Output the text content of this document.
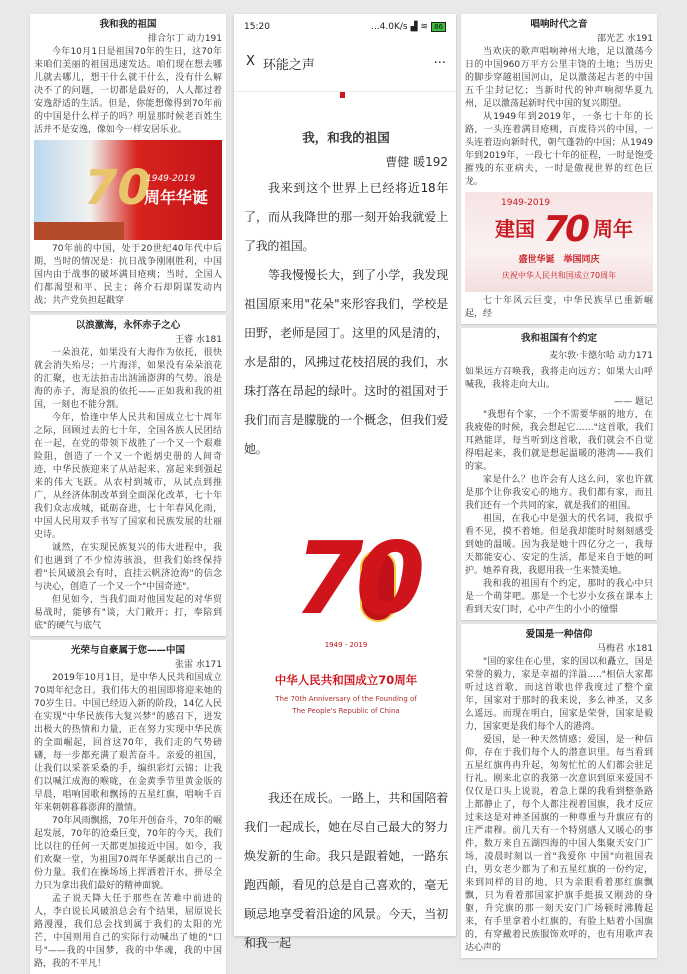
我和我的祖国
排合尔丁 动力191

今年10月1日是祖国70年的生日，这70年来咱们美丽的祖国迅速发达。咱们现在想去哪儿就去哪儿，想干什么就干什么，没有什么解决不了的问题，一切都是最好的，人人都过着安逸舒适的生活。但是，你能想像得到70年前的中国是什么样子的吗？明显那时候老百姓生活并不是安逸，像如今一样安居乐业。

70
1949-2019
周年华诞

70年前的中国，处于20世纪40年代中后期，当时的情况是：抗日战争刚刚胜利，中国国内由于战事的破坏满目疮痍；当时，全国人们都渴望和平、民主；蒋介石却阴谋发动内战；共产党负担起戳穿

以浪激海，永怀赤子之心
王睿 水181

一朵浪花，如果没有大海作为依托，很快就会消失殆尽；一片海洋，如果没有朵朵浪花的汇聚，也无法拍击出汹涌澎湃的气势。浪是海的赤子，海是浪的依托——正如我和我的祖国，一刻也不能分割。

今年，恰逢中华人民共和国成立七十周年之际，回顾过去的七十年，全国各族人民团结在一起，在党的带领下战胜了一个又一个艰难险阻，创造了一个又一个彪炳史册的人间奇迹，中华民族迎来了从站起来、富起来到强起来的伟大飞跃。从农村到城市，从试点到推广，从经济体制改革到全面深化改革，七十年我们众志成城，砥砺奋进，七十年春风化雨，中国人民用双手书写了国家和民族发展的壮丽史诗。

诚然，在实现民族复兴的伟大进程中，我们也遇到了不少惊涛骇浪，但我们始终保持着"长风破浪会有时，直挂云帆济沧海"的信念与决心，创造了一个又一个"中国奇迹"。

但见如今，当我们面对他国发起的对华贸易战时，能够有"谈，大门敞开；打，奉陪到底"的硬气与底气

光荣与自豪属于您——中国
张雷 水171

2019年10月1日，是中华人民共和国成立70周年纪念日。我们伟大的祖国即将迎来她的70岁生日。中国已经迈入新的阶段，14亿人民在实现"中华民族伟大复兴梦"的感召下，迸发出极大的热情和力量，正在努力实现中华民族的全面崛起，回首这70年，我们走的气势磅礴，每一步都充满了艰苦奋斗。亲爱的祖国，让我们以采茶采桑的手，编织彩灯云锦；让我们以喊江成海的喉咙，在金黄季节里黄金版的早晨，唱响国歌和飘扬的五星红旗，唱响千百年来朝朝暮暮澎湃的激情。

70年风雨飘摇，70年开创奋斗，70年的崛起发展，70年的沧桑巨变，70年的今天，我们比以往的任何一天都更加接近中国。如今，我们欢聚一堂，为祖国70周年华诞献出自己的一份力量。我们在操场场上挥洒着汗水，拼尽全力只为拿出我们最好的精神面貌。

孟子说天降大任于那些在苦难中前进的人，李白说长风破浪总会有个结果，屈原说长路漫漫，我们总会找到属于我们的太阳的光芒，中国则用自己的实际行动喊出了她的"口号"——我的中国梦，我的中华魂，我的中国路，我的不平凡！

15:20	...4.0K/s ▟ ≋ 86
X 环能之声	···
我，和我的祖国
曹健 暖192

我来到这个世界上已经将近18年了，而从我降世的那一刻开始我就爱上了我的祖国。

等我慢慢长大，到了小学，我发现祖国原来用"花朵"来形容我们，学校是田野，老师是园丁。这里的风是清的，水是甜的，风拂过花枝招展的我们，水珠打落在昂起的绿叶。这时的祖国对于我们而言是朦胧的一个概念，但我们爱她。

70
1949 - 2019
中华人民共和国成立70周年
The 70th Anniversary of the Founding of
The People's Republic of China

我还在成长。一路上，共和国陪着我们一起成长，她在尽自己最大的努力焕发新的生命。我只是跟着她，一路东跑西颠，看见的总是自己喜欢的，毫无顾忌地享受着沿途的风景。今天，当初和我一起

唱响时代之音
邵光艺 水191

当欢庆的歌声唱响神州大地，足以激荡今日的中国960万平方公里丰饶的土地；当历史的脚步穿越祖国河山，足以激荡起古老的中国五千尘封记忆；当新时代的钟声响彻华夏九州，足以激荡起新时代中国的复兴期望。

从1949年到2019年，一条七十年的长路，一头连着满目疮痍，百废待兴的中国，一头连着迈向新时代，朝气蓬勃的中国；从1949年到2019年，一段七十年的征程，一时是饱受摧残的东亚病夫，一时是傲视世界的红色巨龙。

1949-2019
建国 70 周年
盛世华诞　举国同庆
庆祝中华人民共和国成立70周年

七十年风云巨变，中华民族早已重新崛起，经

我和祖国有个约定
麦尔敦·卡德尔哈 动力171

如果远方召唤我，我将走向远方；如果大山呼喊我，我将走向大山。

—— 题记

"我想有个家，一个不需要华丽的地方，在我疲倦的时候，我会想起它……"这首歌，我们耳熟能详，每当听到这首歌，我们就会不自觉得唱起来，我们就是想起温暖的港湾——我们的家。

家是什么？也许会有人这么问，家也许就是那个让你我安心的地方。我们都有家，而且我们还有一个共同的家，就是我们的祖国。

祖国，在我心中是强大的代名词，我似乎看不见，摸不着她。但是我却能时时刻刻感受到她的温暖。因为我是她十四亿分之一，我每天都能安心、安定的生活，都是来自于她的呵护。她养育我，我愿用我一生来赞美她。

我和我的祖国有个约定，那时的我心中只是一个萌芽吧。那是一个七岁小女孩在课本上看到天安门时，心中产生的小小的憧憬

爱国是一种信仰
马梅君 水181

"国的家住在心里，家的国以和矗立，国是荣誉的毅力，家是幸福的洋溢....."相信大家都听过这首歌，而这首歌也伴我度过了整个童年，国家对于那时的我来说，多么神圣，又多么遥远。而现在明白，国家是荣誉，国家是毅力，国家更是我们每个人的港湾。

爱国，是一种天然情感；爱国，是一种信仰，存在于我们每个人的潜意识里。每当看到五星红旗冉冉升起，匆匆忙忙的人们都会驻足行礼。刚来北京的我第一次意识到原来爱国不仅仅是口头上说说，着急上课的我看到整条路上都静止了，每个人都注视着国旗，我才反应过来这是对神圣国旗的一种尊重与升旗应有的庄严肃穆。前几天有一个特别感人又暖心的事件，数万来自五湖四海的中国人集聚天安门广场，凌晨时刻以一首"我爱你 中国"向祖国表白，男女老少都为了和五星红旗的一份约定，来到同样的目的地，只为亲眼看着那红旗飘飘，只为看着那国家护旗手挺拔又刚劲的身躯，升完旗的那一刻天安门广场顿时沸腾起来，有手里拿着小红旗的，有脸上贴着小国旗的，有穿戴着民族服饰欢呼的，也有用歌声表达心声的
